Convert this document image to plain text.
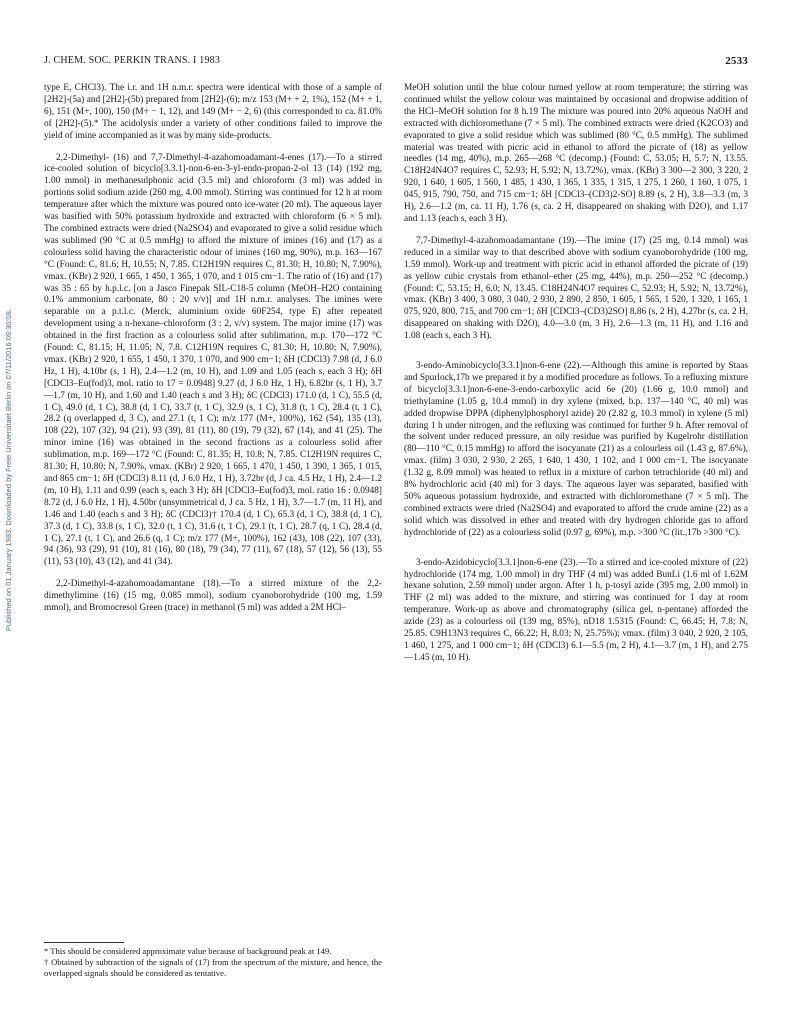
Published on 01 January 1983. Downloaded by Freie Universitaet Berlin on 07/11/2016 09:30:08.
J. CHEM. SOC. PERKIN TRANS. I 1983	2533

type E, CHCl3). The i.r. and 1H n.m.r. spectra were identical with those of a sample of [2H2]-(5a) and [2H2]-(5b) prepared from [2H2]-(6); m/z 153 (M+ + 2, 1%), 152 (M+ + 1, 6), 151 (M+, 100), 150 (M+ − 1, 12), and 149 (M+ − 2, 6) (this corresponded to ca. 81.0% of [2H2]-(5).* The acidolysis under a variety of other conditions failed to improve the yield of imine accompanied as it was by many side-products.

2,2-Dimethyl- (16) and 7,7-Dimethyl-4-azahomoadamant-4-enes (17).—To a stirred ice-cooled solution of bicyclo[3.3.1]-non-6-en-3-yl-endo-propan-2-ol 13 (14) (192 mg, 1.00 mmol) in methanesulphonic acid (3.5 ml) and chloroform (3 ml) was added in portions solid sodium azide (260 mg, 4.00 mmol). Stirring was continued for 12 h at room temperature after which the mixture was poured onto ice-water (20 ml). The aqueous layer was basified with 50% potassium hydroxide and extracted with chloroform (6 × 5 ml). The combined extracts were dried (Na2SO4) and evaporated to give a solid residue which was sublimed (90 °C at 0.5 mmHg) to afford the mixture of imines (16) and (17) as a colourless solid having the characteristic odour of imines (160 mg, 90%), m.p. 163—167 °C (Found: C, 81.6; H, 10.55; N, 7.85. C12H19N requires C, 81.30; H, 10.80; N, 7.90%), νmax. (KBr) 2 920, 1 665, 1 450, 1 365, 1 070, and 1 015 cm−1. The ratio of (16) and (17) was 35 : 65 by h.p.l.c. [on a Jasco Finepak SIL-C18-5 column (MeOH–H2O containing 0.1% ammonium carbonate, 80 : 20 v/v)] and 1H n.m.r. analyses. The imines were separable on a p.t.l.c. (Merck, aluminium oxide 60F254, type E) after repeated development using a n-hexane–chloroform (3 : 2, v/v) system. The major imine (17) was obtained in the first fraction as a colourless solid after sublimation, m.p. 170—172 °C (Found: C, 81.15; H, 11.05; N, 7.8. C12H19N requires C, 81.30; H, 10.80; N, 7.90%), νmax. (KBr) 2 920, 1 655, 1 450, 1 370, 1 070, and 900 cm−1; δH (CDCl3) 7.98 (d, J 6.0 Hz, 1 H), 4.10br (s, 1 H), 2.4—1.2 (m, 10 H), and 1.09 and 1.05 (each s, each 3 H); δH [CDCl3–Eu(fod)3, mol. ratio to 17 = 0.0948] 9.27 (d, J 6.0 Hz, 1 H), 6.82br (s, 1 H), 3.7—1.7 (m, 10 H), and 1.60 and 1.40 (each s and 3 H); δC (CDCl3) 171.0 (d, 1 C), 55.5 (d, 1 C), 49.0 (d, 1 C), 38.8 (d, 1 C), 33.7 (t, 1 C), 32.9 (s, 1 C), 31.8 (t, 1 C), 28.4 (t, 1 C), 28.2 (q overlapped d, 3 C), and 27.1 (t, 1 C); m/z 177 (M+, 100%), 162 (54), 135 (13), 108 (22), 107 (32), 94 (21), 93 (39), 81 (11), 80 (19), 79 (32), 67 (14), and 41 (25). The minor imine (16) was obtained in the second fractions as a colourless solid after sublimation, m.p. 169—172 °C (Found: C, 81.35; H, 10.8; N, 7.85. C12H19N requires C, 81.30; H, 10.80; N, 7.90%, νmax. (KBr) 2 920, 1 665, 1 470, 1 450, 1 390, 1 365, 1 015, and 865 cm−1; δH (CDCl3) 8.11 (d, J 6.0 Hz, 1 H), 3.72br (d, J ca. 4.5 Hz, 1 H), 2.4—1.2 (m, 10 H), 1.11 and 0.99 (each s, each 3 H); δH [CDCl3–Eu(fod)3, mol. ratio 16 : 0.0948] 8.72 (d, J 6.0 Hz, 1 H), 4.50br (unsymmetrical d, J ca. 5 Hz, 1 H), 3.7—1.7 (m, 11 H), and 1.46 and 1.40 (each s and 3 H); δC (CDCl3)† 170.4 (d, 1 C), 65.3 (d, 1 C), 38.8 (d, 1 C), 37.3 (d, 1 C), 33.8 (s, 1 C), 32.0 (t, 1 C), 31.6 (t, 1 C), 29.1 (t, 1 C), 28.7 (q, 1 C), 28.4 (d, 1 C), 27.1 (t, 1 C), and 26.6 (q, 1 C); m/z 177 (M+, 100%), 162 (43), 108 (22), 107 (33), 94 (36), 93 (29), 91 (10), 81 (16), 80 (18), 79 (34), 77 (11), 67 (18), 57 (12), 56 (13), 55 (11), 53 (10), 43 (12), and 41 (34).

2,2-Dimethyl-4-azahomoadamantane (18).—To a stirred mixture of the 2,2-dimethylimine (16) (15 mg, 0.085 mmol), sodium cyanoborohydride (100 mg, 1.59 mmol), and Bromocresol Green (trace) in methanol (5 ml) was added a 2M HCl–

MeOH solution until the blue colour turned yellow at room temperature; the stirring was continued whilst the yellow colour was maintained by occasional and dropwise addition of the HCl–MeOH solution for 8 h.19 The mixture was poured into 20% aqueous NaOH and extracted with dichloromethane (7 × 5 ml). The combined extracts were dried (K2CO3) and evaporated to give a solid residue which was sublimed (80 °C, 0.5 mmHg). The sublimed material was treated with picric acid in ethanol to afford the picrate of (18) as yellow needles (14 mg, 40%), m.p. 265—268 °C (decomp.) (Found: C, 53.05; H, 5.7; N, 13.55. C18H24N4O7 requires C, 52.93; H, 5.92; N, 13.72%), νmax. (KBr) 3 300—2 300, 3 220, 2 920, 1 640, 1 605, 1 560, 1 485, 1 430, 1 365, 1 335, 1 315, 1 275, 1 260, 1 160, 1 075, 1 045, 915, 790, 750, and 715 cm−1; δH [CDCl3–(CD3)2-SO] 8.89 (s, 2 H), 3.8—3.3 (m, 3 H), 2.6—1.2 (m, ca. 11 H), 1.76 (s, ca. 2 H, disappeared on shaking with D2O), and 1.17 and 1.13 (each s, each 3 H).

7,7-Dimethyl-4-azahomoadamantane (19).—The imine (17) (25 mg, 0.14 mmol) was reduced in a similar way to that described above with sodium cyanoborohydride (100 mg, 1.59 mmol). Work-up and treatment with picric acid in ethanol afforded the picrate of (19) as yellow cubic crystals from ethanol–ether (25 mg, 44%), m.p. 250—252 °C (decomp.) (Found: C, 53.15; H, 6.0; N, 13.45. C18H24N4O7 requires C, 52.93; H, 5.92; N, 13.72%), νmax. (KBr) 3 400, 3 080, 3 040, 2 930, 2 890, 2 850, 1 605, 1 565, 1 520, 1 320, 1 165, 1 075, 920, 800, 715, and 700 cm−1; δH [CDCl3–(CD3)2SO] 8.86 (s, 2 H), 4.27br (s, ca. 2 H, disappeared on shaking with D2O), 4.0—3.0 (m, 3 H), 2.6—1.3 (m, 11 H), and 1.16 and 1.08 (each s, each 3 H).

3-endo-Aminobicyclo[3.3.1]non-6-ene (22).—Although this amine is reported by Staas and Spurlock,17b we prepared it by a modified procedure as follows. To a refluxing mixture of bicyclo[3.3.1]non-6-ene-3-endo-carboxylic acid 6e (20) (1.66 g, 10.0 mmol) and triethylamine (1.05 g, 10.4 mmol) in dry xylene (mixed, b.p. 137—140 °C, 40 ml) was added dropwise DPPA (diphenylphosphoryl azide) 20 (2.82 g, 10.3 mmol) in xylene (5 ml) during 1 h under nitrogen, and the refluxing was continued for further 9 h. After removal of the solvent under reduced pressure, an oily residue was purified by Kugelrohr distillation (80—110 °C, 0.15 mmHg) to afford the isocyanate (21) as a colourless oil (1.43 g, 87.6%), νmax. (film) 3 030, 2 930, 2 265, 1 640, 1 430, 1 102, and 1 000 cm−1. The isocyanate (1.32 g, 8.09 mmol) was heated to reflux in a mixture of carbon tetrachloride (40 ml) and 8% hydrochloric acid (40 ml) for 3 days. The aqueous layer was separated, basified with 50% aqueous potassium hydroxide, and extracted with dichloromethane (7 × 5 ml). The combined extracts were dried (Na2SO4) and evaporated to afford the crude amine (22) as a solid which was dissolved in ether and treated with dry hydrogen chloride gas to afford hydrochloride of (22) as a colourless solid (0.97 g, 69%), m.p. >300 °C (lit.,17b >300 °C).

3-endo-Azidobicyclo[3.3.1]non-6-ene (23).—To a stirred and ice-cooled mixture of (22) hydrochloride (174 mg, 1.00 mmol) in dry THF (4 ml) was added BunLi (1.6 ml of 1.62M hexane solution, 2.59 mmol) under argon. After 1 h, p-tosyl azide (395 mg, 2.00 mmol) in THF (2 ml) was added to the mixture, and stirring was continued for 1 day at room temperature. Work-up as above and chromatography (silica gel, n-pentane) afforded the azide (23) as a colourless oil (139 mg, 85%), nD18 1.5315 (Found: C, 66.45; H, 7.8; N, 25.85. C9H13N3 requires C, 66.22; H, 8.03; N, 25.75%); νmax. (film) 3 040, 2 920, 2 105, 1 460, 1 275, and 1 000 cm−1; δH (CDCl3) 6.1—5.5 (m, 2 H), 4.1—3.7 (m, 1 H), and 2.75—1.45 (m, 10 H).

* This should be considered approximate value because of background peak at 149.

† Obtained by subtraction of the signals of (17) from the spectrum of the mixture, and hence, the overlapped signals should be considered as tentative.
